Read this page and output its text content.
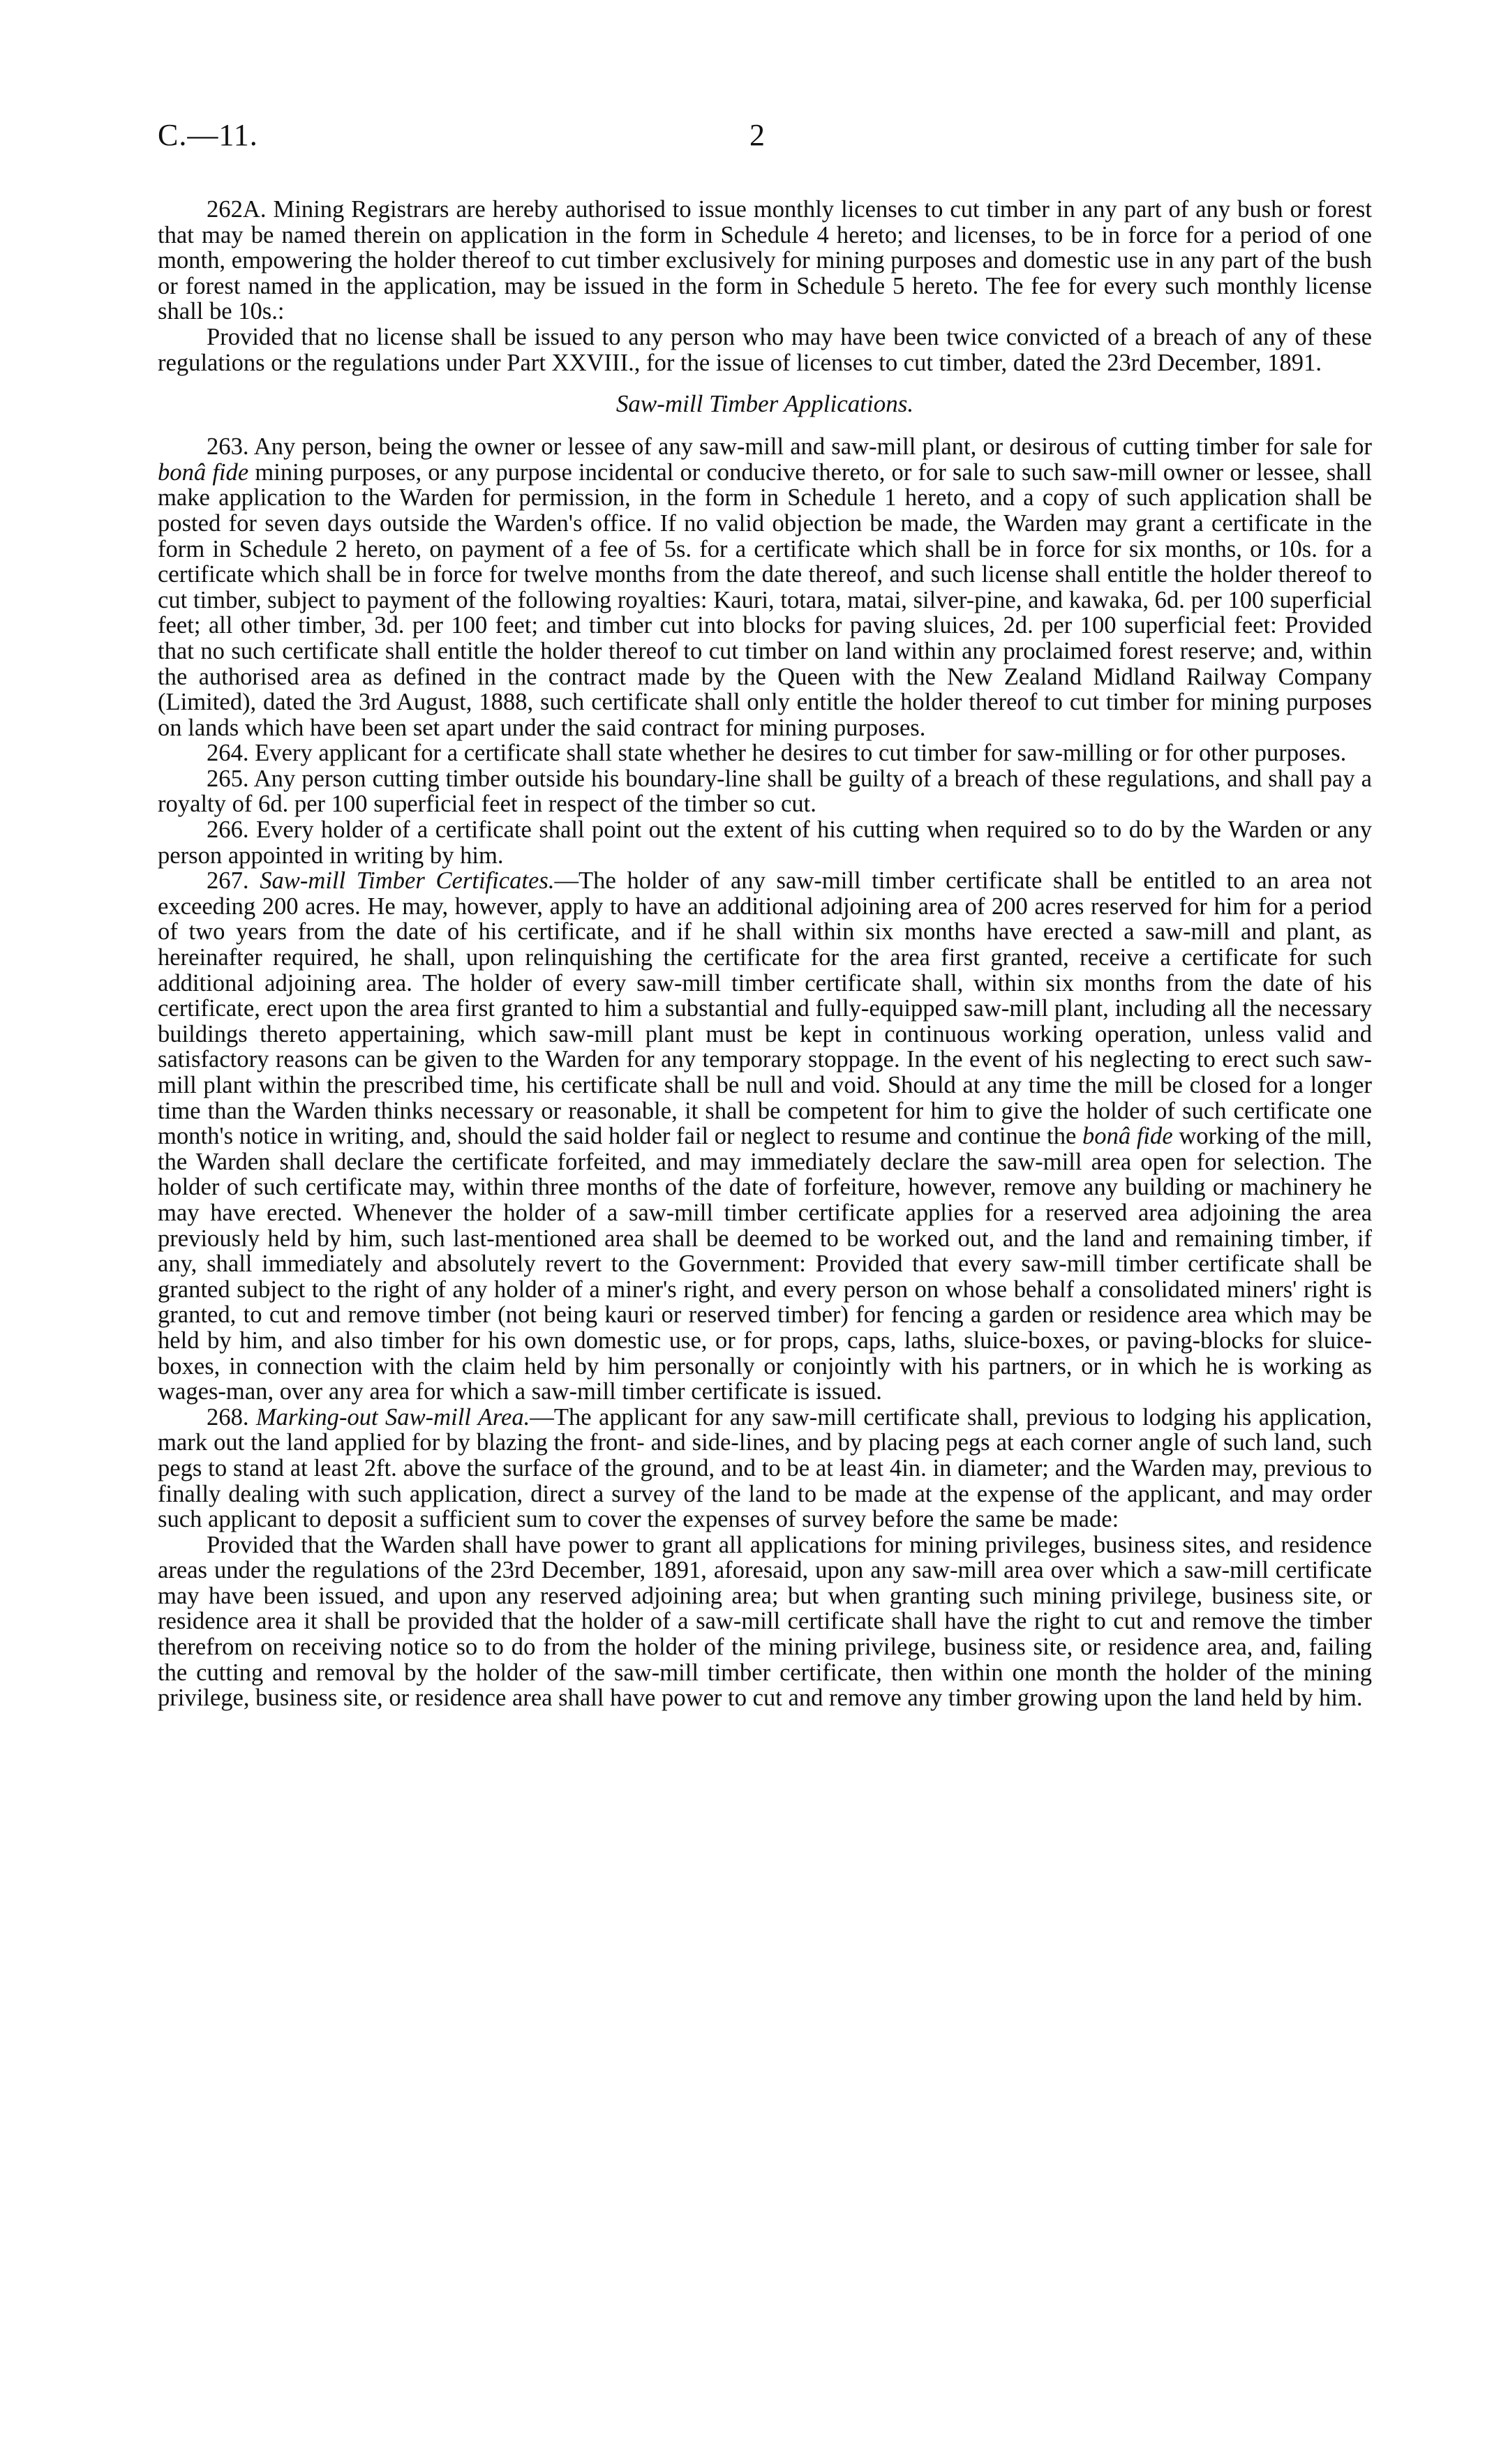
C.—11.	2

262A. Mining Registrars are hereby authorised to issue monthly licenses to cut timber in any part of any bush or forest that may be named therein on application in the form in Schedule 4 hereto; and licenses, to be in force for a period of one month, empowering the holder thereof to cut timber exclusively for mining purposes and domestic use in any part of the bush or forest named in the application, may be issued in the form in Schedule 5 hereto. The fee for every such monthly license shall be 10s.:

Provided that no license shall be issued to any person who may have been twice convicted of a breach of any of these regulations or the regulations under Part XXVIII., for the issue of licenses to cut timber, dated the 23rd December, 1891.

Saw-mill Timber Applications.

263. Any person, being the owner or lessee of any saw-mill and saw-mill plant, or desirous of cutting timber for sale for bonâ fide mining purposes, or any purpose incidental or conducive thereto, or for sale to such saw-mill owner or lessee, shall make application to the Warden for permission, in the form in Schedule 1 hereto, and a copy of such application shall be posted for seven days outside the Warden's office. If no valid objection be made, the Warden may grant a certificate in the form in Schedule 2 hereto, on payment of a fee of 5s. for a certificate which shall be in force for six months, or 10s. for a certificate which shall be in force for twelve months from the date thereof, and such license shall entitle the holder thereof to cut timber, subject to payment of the following royalties: Kauri, totara, matai, silver-pine, and kawaka, 6d. per 100 superficial feet; all other timber, 3d. per 100 feet; and timber cut into blocks for paving sluices, 2d. per 100 superficial feet: Provided that no such certificate shall entitle the holder thereof to cut timber on land within any proclaimed forest reserve; and, within the authorised area as defined in the contract made by the Queen with the New Zealand Midland Railway Company (Limited), dated the 3rd August, 1888, such certificate shall only entitle the holder thereof to cut timber for mining purposes on lands which have been set apart under the said contract for mining purposes.

264. Every applicant for a certificate shall state whether he desires to cut timber for saw-milling or for other purposes.

265. Any person cutting timber outside his boundary-line shall be guilty of a breach of these regulations, and shall pay a royalty of 6d. per 100 superficial feet in respect of the timber so cut.

266. Every holder of a certificate shall point out the extent of his cutting when required so to do by the Warden or any person appointed in writing by him.

267. Saw-mill Timber Certificates.—The holder of any saw-mill timber certificate shall be entitled to an area not exceeding 200 acres. He may, however, apply to have an additional adjoining area of 200 acres reserved for him for a period of two years from the date of his certificate, and if he shall within six months have erected a saw-mill and plant, as hereinafter required, he shall, upon relinquishing the certificate for the area first granted, receive a certificate for such additional adjoining area. The holder of every saw-mill timber certificate shall, within six months from the date of his certificate, erect upon the area first granted to him a substantial and fully-equipped saw-mill plant, including all the necessary buildings thereto appertaining, which saw-mill plant must be kept in continuous working operation, unless valid and satisfactory reasons can be given to the Warden for any temporary stoppage. In the event of his neglecting to erect such saw-mill plant within the prescribed time, his certificate shall be null and void. Should at any time the mill be closed for a longer time than the Warden thinks necessary or reasonable, it shall be competent for him to give the holder of such certificate one month's notice in writing, and, should the said holder fail or neglect to resume and continue the bonâ fide working of the mill, the Warden shall declare the certificate forfeited, and may immediately declare the saw-mill area open for selection. The holder of such certificate may, within three months of the date of forfeiture, however, remove any building or machinery he may have erected. Whenever the holder of a saw-mill timber certificate applies for a reserved area adjoining the area previously held by him, such last-mentioned area shall be deemed to be worked out, and the land and remaining timber, if any, shall immediately and absolutely revert to the Government: Provided that every saw-mill timber certificate shall be granted subject to the right of any holder of a miner's right, and every person on whose behalf a consolidated miners' right is granted, to cut and remove timber (not being kauri or reserved timber) for fencing a garden or residence area which may be held by him, and also timber for his own domestic use, or for props, caps, laths, sluice-boxes, or paving-blocks for sluice-boxes, in connection with the claim held by him personally or conjointly with his partners, or in which he is working as wages-man, over any area for which a saw-mill timber certificate is issued.

268. Marking-out Saw-mill Area.—The applicant for any saw-mill certificate shall, previous to lodging his application, mark out the land applied for by blazing the front- and side-lines, and by placing pegs at each corner angle of such land, such pegs to stand at least 2ft. above the surface of the ground, and to be at least 4in. in diameter; and the Warden may, previous to finally dealing with such application, direct a survey of the land to be made at the expense of the applicant, and may order such applicant to deposit a sufficient sum to cover the expenses of survey before the same be made:

Provided that the Warden shall have power to grant all applications for mining privileges, business sites, and residence areas under the regulations of the 23rd December, 1891, aforesaid, upon any saw-mill area over which a saw-mill certificate may have been issued, and upon any reserved adjoining area; but when granting such mining privilege, business site, or residence area it shall be provided that the holder of a saw-mill certificate shall have the right to cut and remove the timber therefrom on receiving notice so to do from the holder of the mining privilege, business site, or residence area, and, failing the cutting and removal by the holder of the saw-mill timber certificate, then within one month the holder of the mining privilege, business site, or residence area shall have power to cut and remove any timber growing upon the land held by him.
